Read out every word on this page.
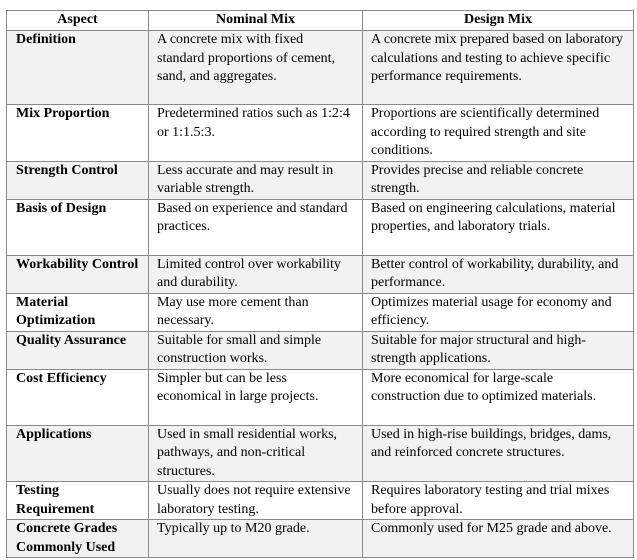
Aspect	Nominal Mix	Design Mix
Definition	A concrete mix with fixed standard proportions of cement, sand, and aggregates.	A concrete mix prepared based on laboratory calculations and testing to achieve specific performance requirements.
Mix Proportion	Predetermined ratios such as 1:2:4 or 1:1.5:3.	Proportions are scientifically determined according to required strength and site conditions.
Strength Control	Less accurate and may result in variable strength.	Provides precise and reliable concrete strength.
Basis of Design	Based on experience and standard practices.	Based on engineering calculations, material properties, and laboratory trials.
Workability Control	Limited control over workability and durability.	Better control of workability, durability, and performance.
Material Optimization	May use more cement than necessary.	Optimizes material usage for economy and efficiency.
Quality Assurance	Suitable for small and simple construction works.	Suitable for major structural and high-strength applications.
Cost Efficiency	Simpler but can be less economical in large projects.	More economical for large-scale construction due to optimized materials.
Applications	Used in small residential works, pathways, and non-critical structures.	Used in high-rise buildings, bridges, dams, and reinforced concrete structures.
Testing Requirement	Usually does not require extensive laboratory testing.	Requires laboratory testing and trial mixes before approval.
Concrete Grades Commonly Used	Typically up to M20 grade.	Commonly used for M25 grade and above.
